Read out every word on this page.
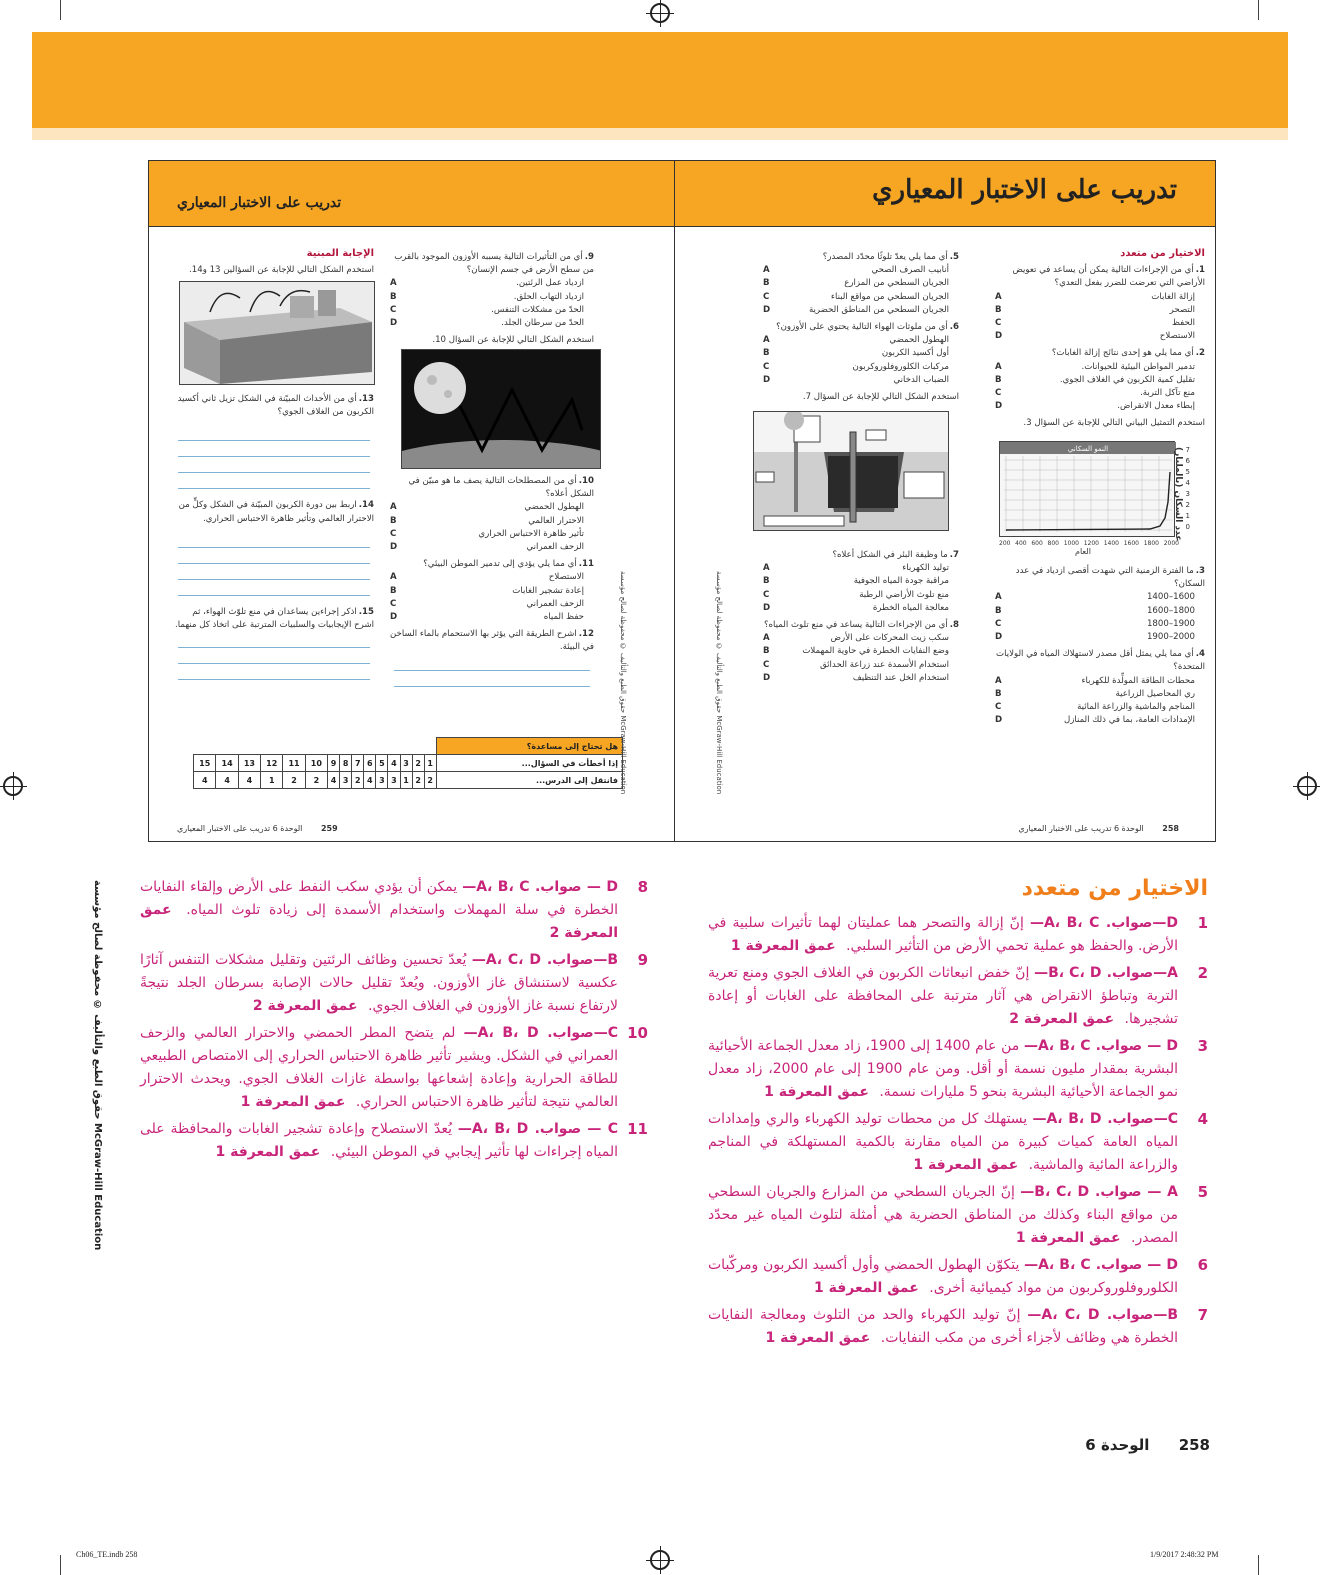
تدريب على الاختبار المعياري
الاختيار من متعدد
1.أي من الإجراءات التالية يمكن أن يساعد في تعويض الأراضي التي تعرضت للضرر بفعل التعدي؟
إزالة الغابات
A
التصحر
B
الحفظ
C
الاستصلاح
D
2.أي مما يلي هو إحدى نتائج إزالة الغابات؟
تدمير المواطن البيئية للحيوانات.
A
تقليل كمية الكربون في الغلاف الجوي.
B
منع تآكل التربة.
C
إبطاء معدل الانقراض.
D
استخدم التمثيل البياني التالي للإجابة عن السؤال 3.
النمو السكاني	عدد السكان (بالمليار) 7
6
5
4
3
2
1
0
200 400 600 800 1000 1200 1400 1600 1800 2000
العام
3.ما الفترة الزمنية التي شهدت أقصى ازدياد في عدد السكان؟
1600–1400
A
1800–1600
B
1900–1800
C
2000–1900
D
4.أي مما يلي يمثل أقل مصدر لاستهلاك المياه في الولايات المتحدة؟
محطات الطاقة المولِّدة للكهرباء
A
ري المحاصيل الزراعية
B
المناجم والماشية والزراعة المائية
C
الإمدادات العامة، بما في ذلك المنازل
D
5.أي مما يلي يعدّ تلوثًا محدّد المصدر؟
أنابيب الصرف الصحي
A
الجريان السطحي من المزارع
B
الجريان السطحي من مواقع البناء
C
الجريان السطحي من المناطق الحضرية
D
6.أي من ملوثات الهواء التالية يحتوي على الأوزون؟
الهطول الحمضي
A
أول أكسيد الكربون
B
مركبات الكلوروفلوروكربون
C
الضباب الدخاني
D
استخدم الشكل التالي للإجابة عن السؤال 7.
7.ما وظيفة البئر في الشكل أعلاه؟
توليد الكهرباء
A
مراقبة جودة المياه الجوفية
B
منع تلوث الأراضي الرطبة
C
معالجة المياه الخطرة
D
8.أي من الإجراءات التالية يساعد في منع تلوث المياه؟
سكب زيت المحركات على الأرض
A
وضع النفايات الخطرة في حاوية المهملات
B
استخدام الأسمدة عند زراعة الحدائق
C
استخدام الخل عند التنظيف
D
حقوق الطبع والتأليف © محفوظة لصالح مؤسسة McGraw-Hill Education
258 الوحدة 6 تدريب على الاختبار المعياري
تدريب على الاختبار المعياري
9.أي من التأثيرات التالية يسببه الأوزون الموجود بالقرب من سطح الأرض في جسم الإنسان؟
ازدياد عمل الرئتين.
A
ازدياد التهاب الحلق.
B
الحدّ من مشكلات التنفس.
C
الحدّ من سرطان الجلد.
D
استخدم الشكل التالي للإجابة عن السؤال 10.
10.أي من المصطلحات التالية يصف ما هو مبيّن في الشكل أعلاه؟
الهطول الحمضي
A
الاحترار العالمي
B
تأثير ظاهرة الاحتباس الحراري
C
الزحف العمراني
D
11.أي مما يلي يؤدي إلى تدمير الموطن البيئي؟
الاستصلاح
A
إعادة تشجير الغابات
B
الزحف العمراني
C
حفظ المياه
D
12.اشرح الطريقة التي يؤثر بها الاستحمام بالماء الساخن في البيئة.
الإجابة المبنية
استخدم الشكل التالي للإجابة عن السؤالين 13 و14.
13.أي من الأحداث المبيّنة في الشكل تزيل ثاني أكسيد الكربون من الغلاف الجوي؟
14.اربط بين دورة الكربون المبيّنة في الشكل وكلٍّ من الاحترار العالمي وتأثير ظاهرة الاحتباس الحراري.
15.اذكر إجراءين يساعدان في منع تلوّث الهواء، ثم اشرح الإيجابيات والسلبيات المترتبة على اتخاذ كل منهما.
هل تحتاج إلى مساعدة؟															
إذا أخطأت في السؤال...	1	2	3	4	5	6	7	8	9	10	11	12	13	14	15
فانتقل إلى الدرس...	2	2	1	3	3	4	2	3	4	2	2	1	4	4	4
حقوق الطبع والتأليف © محفوظة لصالح مؤسسة McGraw-Hill Education
259 الوحدة 6 تدريب على الاختبار المعياري
الاختيار من متعدد
1
D—صواب. A، B، C— إنّ إزالة والتصحر هما عمليتان لهما تأثيرات سلبية في الأرض. والحفظ هو عملية تحمي الأرض من التأثير السلبي. عمق المعرفة 1
2
A—صواب. B، C، D— إنّ خفض انبعاثات الكربون في الغلاف الجوي ومنع تعرية التربة وتباطؤ الانقراض هي آثار مترتبة على المحافظة على الغابات أو إعادة تشجيرها. عمق المعرفة 2
3
D — صواب. A، B، C— من عام 1400 إلى 1900، زاد معدل الجماعة الأحيائية البشرية بمقدار مليون نسمة أو أقل. ومن عام 1900 إلى عام 2000، زاد معدل نمو الجماعة الأحيائية البشرية بنحو 5 مليارات نسمة. عمق المعرفة 1
4
C—صواب. A، B، D— يستهلك كل من محطات توليد الكهرباء والري وإمدادات المياه العامة كميات كبيرة من المياه مقارنة بالكمية المستهلكة في المناجم والزراعة المائية والماشية. عمق المعرفة 1
5
A — صواب. B، C، D— إنّ الجريان السطحي من المزارع والجريان السطحي من مواقع البناء وكذلك من المناطق الحضرية هي أمثلة لتلوث المياه غير محدّد المصدر. عمق المعرفة 1
6
D — صواب. A، B، C— يتكوّن الهطول الحمضي وأول أكسيد الكربون ومركّبات الكلوروفلوروكربون من مواد كيميائية أخرى. عمق المعرفة 1
7
B—صواب. A، C، D— إنّ توليد الكهرباء والحد من التلوث ومعالجة النفايات الخطرة هي وظائف لأجزاء أخرى من مكب النفايات. عمق المعرفة 1
8
D — صواب. A، B، C— يمكن أن يؤدي سكب النفط على الأرض وإلقاء النفايات الخطرة في سلة المهملات واستخدام الأسمدة إلى زيادة تلوث المياه. عمق المعرفة 2
9
B—صواب. A، C، D— يُعدّ تحسين وظائف الرئتين وتقليل مشكلات التنفس آثارًا عكسية لاستنشاق غاز الأوزون. ويُعدّ تقليل حالات الإصابة بسرطان الجلد نتيجةً لارتفاع نسبة غاز الأوزون في الغلاف الجوي. عمق المعرفة 2
10
C—صواب. A، B، D— لم يتضح المطر الحمضي والاحترار العالمي والزحف العمراني في الشكل. ويشير تأثير ظاهرة الاحتباس الحراري إلى الامتصاص الطبيعي للطاقة الحرارية وإعادة إشعاعها بواسطة غازات الغلاف الجوي. ويحدث الاحترار العالمي نتيجة لتأثير ظاهرة الاحتباس الحراري. عمق المعرفة 1
11
C — صواب. A، B، D— يُعدّ الاستصلاح وإعادة تشجير الغابات والمحافظة على المياه إجراءات لها تأثير إيجابي في الموطن البيئي. عمق المعرفة 1
حقوق الطبع والتأليف © محفوظة لصالح مؤسسة McGraw-Hill Education
258 الوحدة 6
Ch06_TE.indb 258	1/9/2017 2:48:32 PM
